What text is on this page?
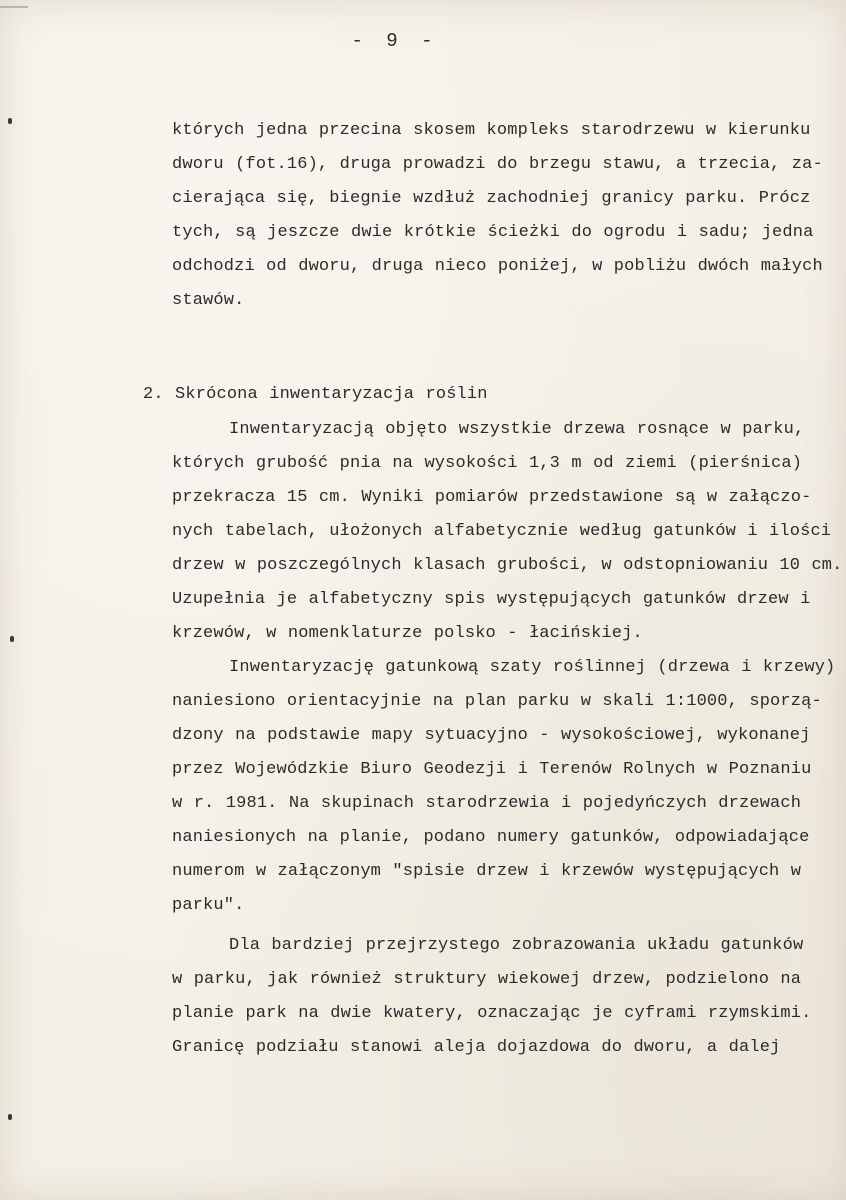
- 9 -
których jedna przecina skosem kompleks starodrzewu w kierunku
dworu (fot.16), druga prowadzi do brzegu stawu, a trzecia, za-
cierająca się, biegnie wzdłuż zachodniej granicy parku. Prócz
tych, są jeszcze dwie krótkie ścieżki do ogrodu i sadu; jedna
odchodzi od dworu, druga nieco poniżej, w pobliżu dwóch małych
stawów.
2. Skrócona inwentaryzacja roślin
Inwentaryzacją objęto wszystkie drzewa rosnące w parku,
których grubość pnia na wysokości 1,3 m od ziemi (pierśnica)
przekracza 15 cm. Wyniki pomiarów przedstawione są w załączo-
nych tabelach, ułożonych alfabetycznie według gatunków i ilości
drzew w poszczególnych klasach grubości, w odstopniowaniu 10 cm.
Uzupełnia je alfabetyczny spis występujących gatunków drzew i
krzewów, w nomenklaturze polsko - łacińskiej.
Inwentaryzację gatunkową szaty roślinnej (drzewa i krzewy)
naniesiono orientacyjnie na plan parku w skali 1:1000, sporzą-
dzony na podstawie mapy sytuacyjno - wysokościowej, wykonanej
przez Wojewódzkie Biuro Geodezji i Terenów Rolnych w Poznaniu
w r. 1981. Na skupinach starodrzewia i pojedyńczych drzewach
naniesionych na planie, podano numery gatunków, odpowiadające
numerom w załączonym "spisie drzew i krzewów występujących w
parku".
Dla bardziej przejrzystego zobrazowania układu gatunków
w parku, jak również struktury wiekowej drzew, podzielono na
planie park na dwie kwatery, oznaczając je cyframi rzymskimi.
Granicę podziału stanowi aleja dojazdowa do dworu, a dalej
